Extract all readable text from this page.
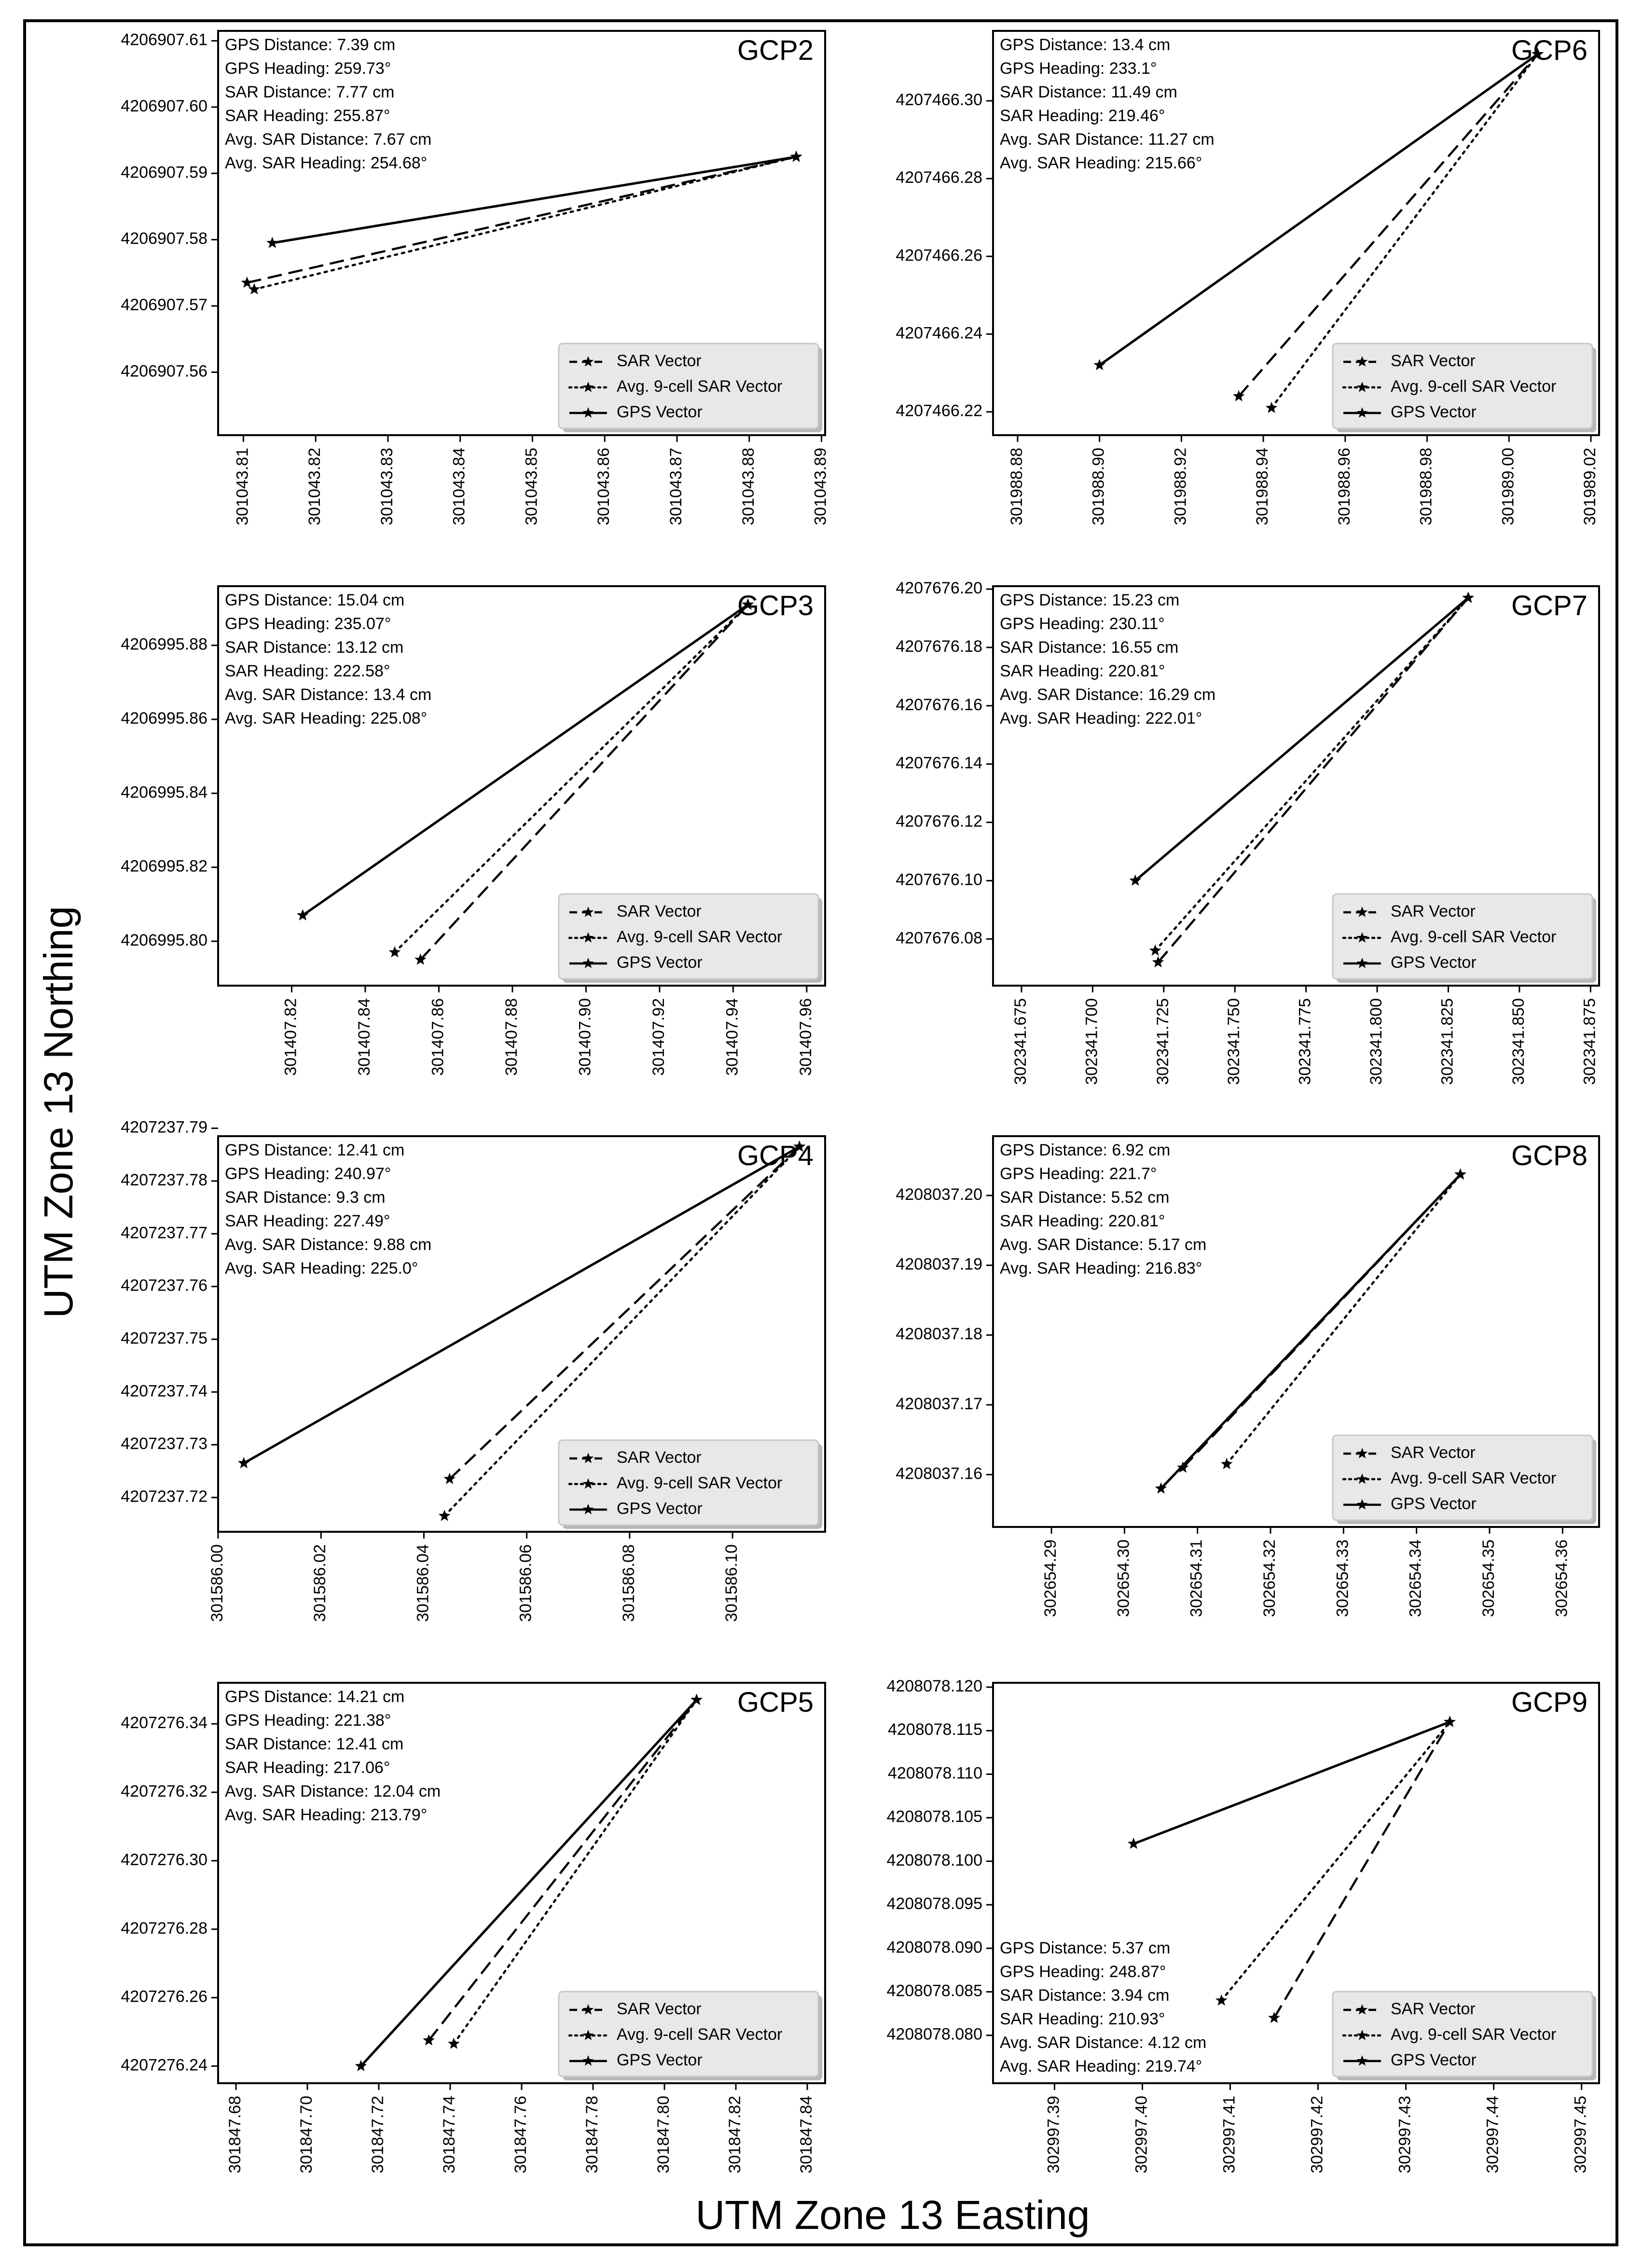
UTM Zone 13 Northing
UTM Zone 13 Easting
301043.81	301043.82	301043.83	301043.84	301043.85	301043.86	301043.87	301043.88	301043.89
4206907.56
4206907.57
4206907.58
4206907.59
4206907.60
4206907.61	GCP2
GPS Distance: 7.39 cm
GPS Heading: 259.73°
SAR Distance: 7.77 cm
SAR Heading: 255.87°
Avg. SAR Distance: 7.67 cm
Avg. SAR Heading: 254.68°
SAR Vector
Avg. 9-cell SAR Vector
GPS Vector
301988.88	301988.90	301988.92	301988.94	301988.96	301988.98	301989.00	301989.02
4207466.22
4207466.24
4207466.26
4207466.28
4207466.30
GCP6
GPS Distance: 13.4 cm
GPS Heading: 233.1°
SAR Distance: 11.49 cm
SAR Heading: 219.46°
Avg. SAR Distance: 11.27 cm
Avg. SAR Heading: 215.66°
SAR Vector
Avg. 9-cell SAR Vector
GPS Vector
301407.82	301407.84	301407.86	301407.88	301407.90	301407.92	301407.94	301407.96
4206995.80
4206995.82
4206995.84
4206995.86
4206995.88
GCP3
GPS Distance: 15.04 cm
GPS Heading: 235.07°
SAR Distance: 13.12 cm
SAR Heading: 222.58°
Avg. SAR Distance: 13.4 cm
Avg. SAR Heading: 225.08°
SAR Vector
Avg. 9-cell SAR Vector
GPS Vector
302341.675	302341.700	302341.725	302341.750	302341.775	302341.800	302341.825	302341.850	302341.875
4207676.08
4207676.10
4207676.12
4207676.14
4207676.16
4207676.18
4207676.20
GCP7
GPS Distance: 15.23 cm
GPS Heading: 230.11°
SAR Distance: 16.55 cm
SAR Heading: 220.81°
Avg. SAR Distance: 16.29 cm
Avg. SAR Heading: 222.01°
SAR Vector
Avg. 9-cell SAR Vector
GPS Vector
301586.00	301586.02	301586.04	301586.06	301586.08	301586.10
4207237.72
4207237.73
4207237.74
4207237.75
4207237.76
4207237.77
4207237.78
4207237.79
GCP4
GPS Distance: 12.41 cm
GPS Heading: 240.97°
SAR Distance: 9.3 cm
SAR Heading: 227.49°
Avg. SAR Distance: 9.88 cm
Avg. SAR Heading: 225.0°
SAR Vector
Avg. 9-cell SAR Vector
GPS Vector
302654.29	302654.30	302654.31	302654.32	302654.33	302654.34	302654.35	302654.36
4208037.16
4208037.17
4208037.18
4208037.19
4208037.20
GCP8
GPS Distance: 6.92 cm
GPS Heading: 221.7°
SAR Distance: 5.52 cm
SAR Heading: 220.81°
Avg. SAR Distance: 5.17 cm
Avg. SAR Heading: 216.83°
SAR Vector
Avg. 9-cell SAR Vector
GPS Vector
301847.68	301847.70	301847.72	301847.74	301847.76	301847.78	301847.80	301847.82	301847.84
4207276.24
4207276.26
4207276.28
4207276.30
4207276.32
4207276.34
GCP5
GPS Distance: 14.21 cm
GPS Heading: 221.38°
SAR Distance: 12.41 cm
SAR Heading: 217.06°
Avg. SAR Distance: 12.04 cm
Avg. SAR Heading: 213.79°
SAR Vector
Avg. 9-cell SAR Vector
GPS Vector
302997.39	302997.40	302997.41	302997.42	302997.43	302997.44	302997.45
4208078.080
4208078.085
4208078.090
4208078.095
4208078.100
4208078.105
4208078.110
4208078.115
4208078.120
GCP9
GPS Distance: 5.37 cm
GPS Heading: 248.87°
SAR Distance: 3.94 cm
SAR Heading: 210.93°
Avg. SAR Distance: 4.12 cm
Avg. SAR Heading: 219.74°
SAR Vector
Avg. 9-cell SAR Vector
GPS Vector
